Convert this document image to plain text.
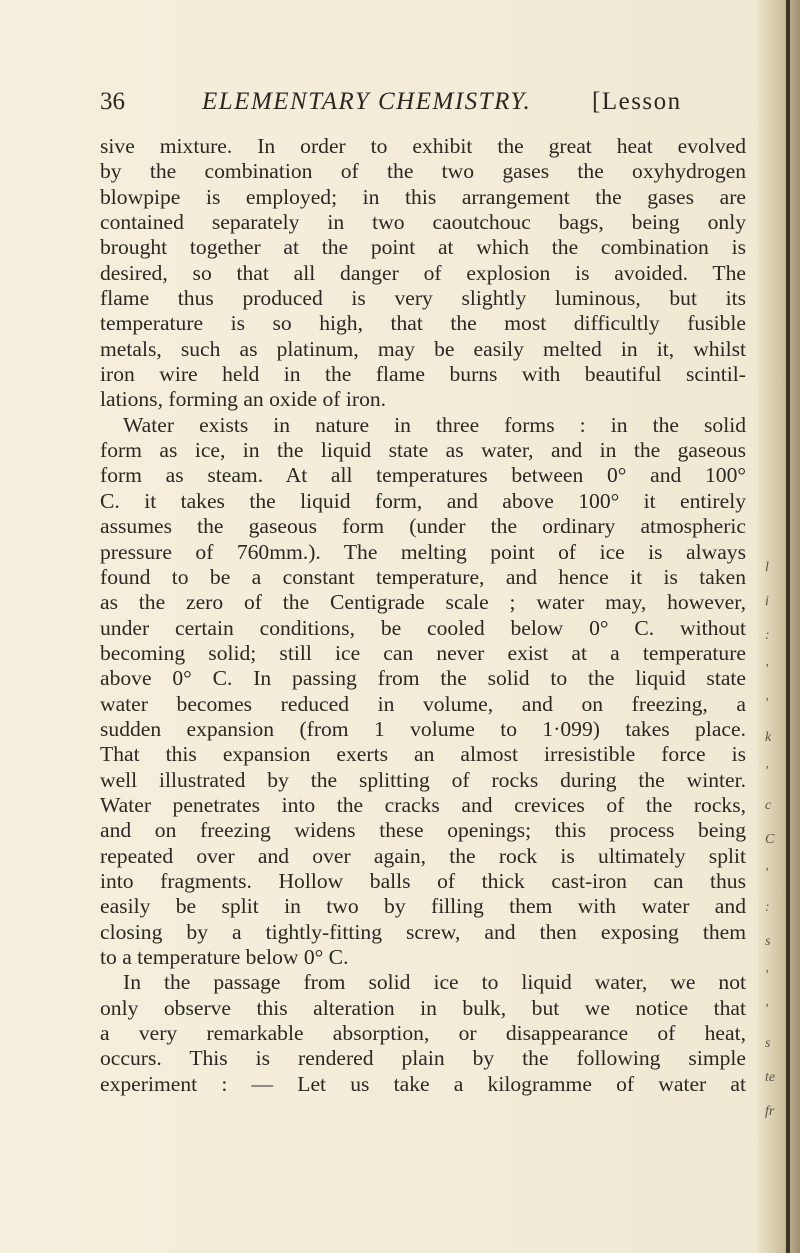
l
i
:
'
'
k
'
c
C
'
:
s
'
'
s
te
fr
36	ELEMENTARY CHEMISTRY. [Lesson
sive mixture. In order to exhibit the great heat evolved
by the combination of the two gases the oxyhydrogen
blowpipe is employed; in this arrangement the gases are
contained separately in two caoutchouc bags, being only
brought together at the point at which the combination is
desired, so that all danger of explosion is avoided. The
flame thus produced is very slightly luminous, but its
temperature is so high, that the most difficultly fusible
metals, such as platinum, may be easily melted in it, whilst
iron wire held in the flame burns with beautiful scintil-
lations, forming an oxide of iron.
Water exists in nature in three forms : in the solid
form as ice, in the liquid state as water, and in the gaseous
form as steam. At all temperatures between 0° and 100°
C. it takes the liquid form, and above 100° it entirely
assumes the gaseous form (under the ordinary atmospheric
pressure of 760mm.). The melting point of ice is always
found to be a constant temperature, and hence it is taken
as the zero of the Centigrade scale ; water may, however,
under certain conditions, be cooled below 0° C. without
becoming solid; still ice can never exist at a temperature
above 0° C. In passing from the solid to the liquid state
water becomes reduced in volume, and on freezing, a
sudden expansion (from 1 volume to 1·099) takes place.
That this expansion exerts an almost irresistible force is
well illustrated by the splitting of rocks during the winter.
Water penetrates into the cracks and crevices of the rocks,
and on freezing widens these openings; this process being
repeated over and over again, the rock is ultimately split
into fragments. Hollow balls of thick cast-iron can thus
easily be split in two by filling them with water and
closing by a tightly-fitting screw, and then exposing them
to a temperature below 0° C.
In the passage from solid ice to liquid water, we not
only observe this alteration in bulk, but we notice that
a very remarkable absorption, or disappearance of heat,
occurs. This is rendered plain by the following simple
experiment : — Let us take a kilogramme of water at
